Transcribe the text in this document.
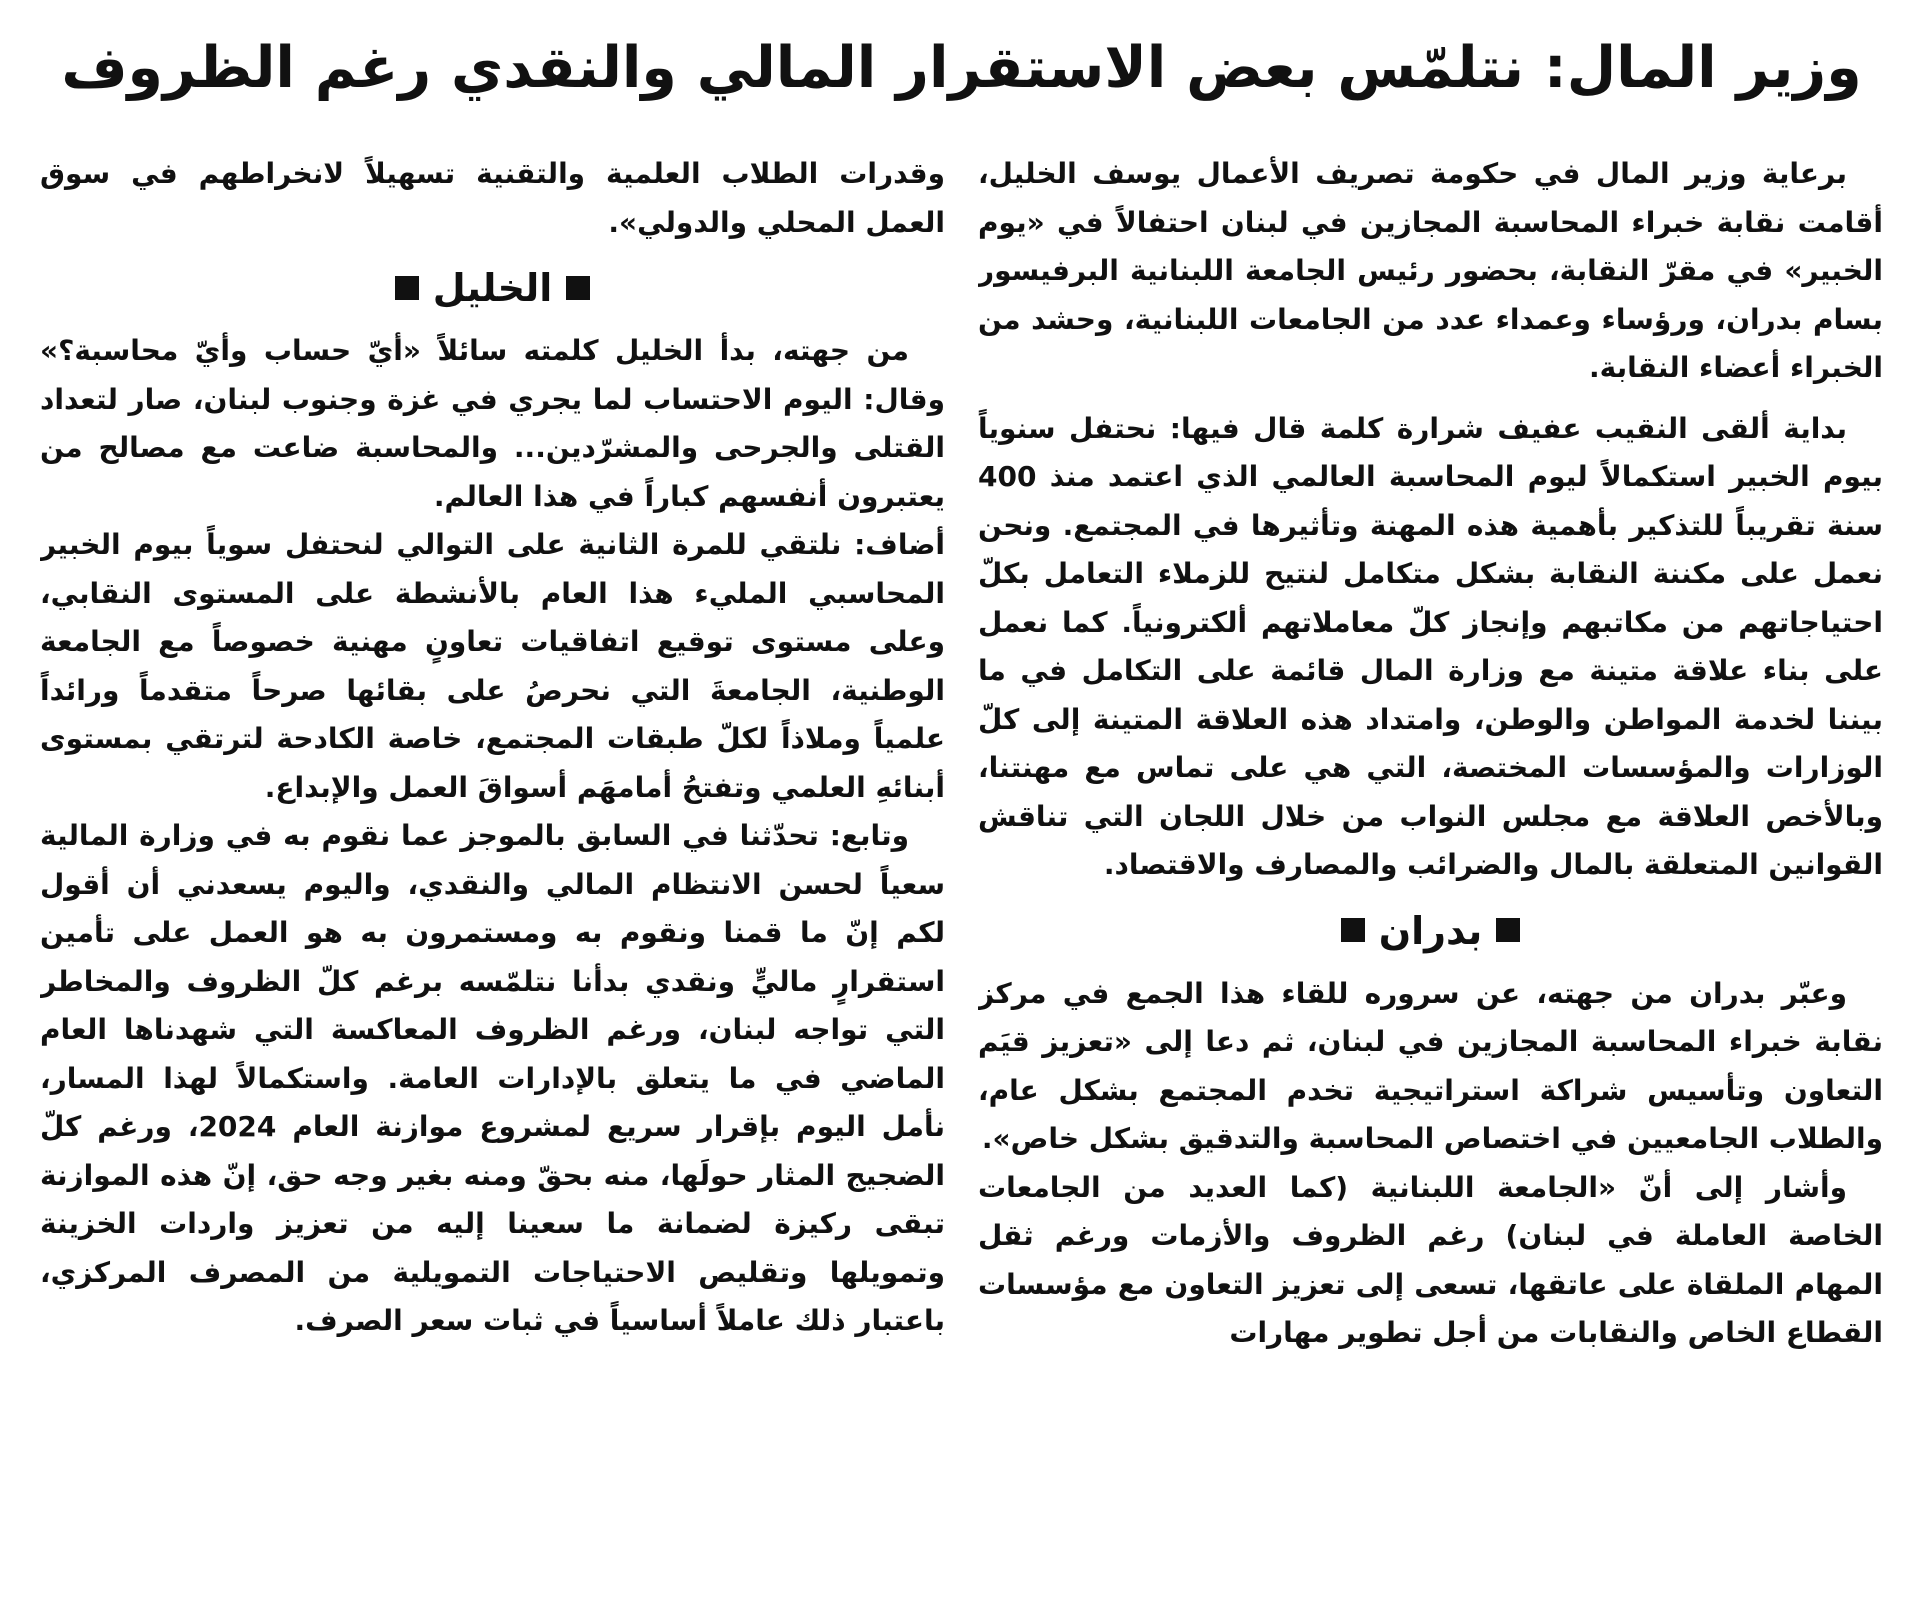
وزير المال: نتلمّس بعض الاستقرار المالي والنقدي رغم الظروف

برعاية وزير المال في حكومة تصريف الأعمال يوسف الخليل، أقامت نقابة خبراء المحاسبة المجازين في لبنان احتفالاً في «يوم الخبير» في مقرّ النقابة، بحضور رئيس الجامعة اللبنانية البرفيسور بسام بدران، ورؤساء وعمداء عدد من الجامعات اللبنانية، وحشد من الخبراء أعضاء النقابة.

بداية ألقى النقيب عفيف شرارة كلمة قال فيها: نحتفل سنوياً بيوم الخبير استكمالاً ليوم المحاسبة العالمي الذي اعتمد منذ 400 سنة تقريباً للتذكير بأهمية هذه المهنة وتأثيرها في المجتمع. ونحن نعمل على مكننة النقابة بشكل متكامل لنتيح للزملاء التعامل بكلّ احتياجاتهم من مكاتبهم وإنجاز كلّ معاملاتهم ألكترونياً. كما نعمل على بناء علاقة متينة مع وزارة المال قائمة على التكامل في ما بيننا لخدمة المواطن والوطن، وامتداد هذه العلاقة المتينة إلى كلّ الوزارات والمؤسسات المختصة، التي هي على تماس مع مهنتنا، وبالأخص العلاقة مع مجلس النواب من خلال اللجان التي تناقش القوانين المتعلقة بالمال والضرائب والمصارف والاقتصاد.

بدران

وعبّر بدران من جهته، عن سروره للقاء هذا الجمع في مركز نقابة خبراء المحاسبة المجازين في لبنان، ثم دعا إلى «تعزيز قيَم التعاون وتأسيس شراكة استراتيجية تخدم المجتمع بشكل عام، والطلاب الجامعيين في اختصاص المحاسبة والتدقيق بشكل خاص».

وأشار إلى أنّ «الجامعة اللبنانية (كما العديد من الجامعات الخاصة العاملة في لبنان) رغم الظروف والأزمات ورغم ثقل المهام الملقاة على عاتقها، تسعى إلى تعزيز التعاون مع مؤسسات القطاع الخاص والنقابات من أجل تطوير مهارات

وقدرات الطلاب العلمية والتقنية تسهيلاً لانخراطهم في سوق العمل المحلي والدولي».

الخليل

من جهته، بدأ الخليل كلمته سائلاً «أيّ حساب وأيّ محاسبة؟» وقال: اليوم الاحتساب لما يجري في غزة وجنوب لبنان، صار لتعداد القتلى والجرحى والمشرّدين... والمحاسبة ضاعت مع مصالح من يعتبرون أنفسهم كباراً في هذا العالم.

أضاف: نلتقي للمرة الثانية على التوالي لنحتفل سوياً بيوم الخبير المحاسبي المليء هذا العام بالأنشطة على المستوى النقابي، وعلى مستوى توقيع اتفاقيات تعاونٍ مهنية خصوصاً مع الجامعة الوطنية، الجامعةَ التي نحرصُ على بقائها صرحاً متقدماً ورائداً علمياً وملاذاً لكلّ طبقات المجتمع، خاصة الكادحة لترتقي بمستوى أبنائهِ العلمي وتفتحُ أمامهَم أسواقَ العمل والإبداع.

وتابع: تحدّثنا في السابق بالموجز عما نقوم به في وزارة المالية سعياً لحسن الانتظام المالي والنقدي، واليوم يسعدني أن أقول لكم إنّ ما قمنا ونقوم به ومستمرون به هو العمل على تأمين استقرارٍ ماليٍّ ونقدي بدأنا نتلمّسه برغم كلّ الظروف والمخاطر التي تواجه لبنان، ورغم الظروف المعاكسة التي شهدناها العام الماضي في ما يتعلق بالإدارات العامة. واستكمالاً لهذا المسار، نأمل اليوم بإقرار سريع لمشروع موازنة العام 2024، ورغم كلّ الضجيج المثار حولَها، منه بحقّ ومنه بغير وجه حق، إنّ هذه الموازنة تبقى ركيزة لضمانة ما سعينا إليه من تعزيز واردات الخزينة وتمويلها وتقليص الاحتياجات التمويلية من المصرف المركزي، باعتبار ذلك عاملاً أساسياً في ثبات سعر الصرف.
